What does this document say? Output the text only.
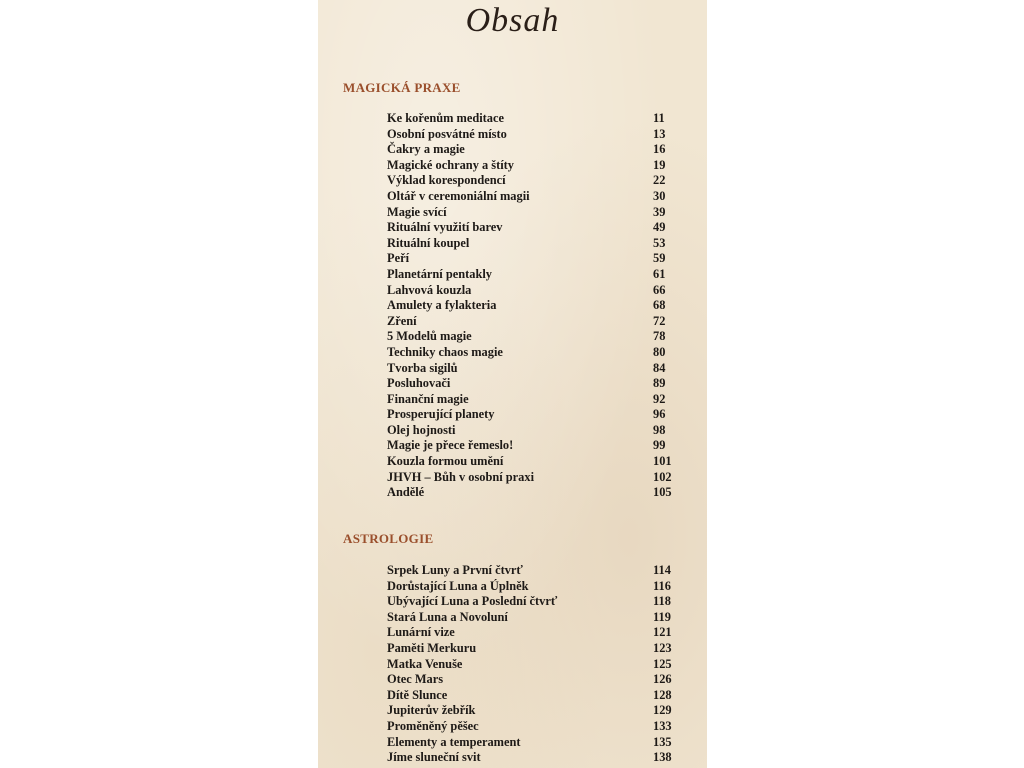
Obsah
MAGICKÁ PRAXE
Ke kořenům meditace	11
Osobní posvátné místo	13
Čakry a magie	16
Magické ochrany a štíty	19
Výklad korespondencí	22
Oltář v ceremoniální magii	30
Magie svící	39
Rituální využití barev	49
Rituální koupel	53
Peří	59
Planetární pentakly	61
Lahvová kouzla	66
Amulety a fylakteria	68
Zření	72
5 Modelů magie	78
Techniky chaos magie	80
Tvorba sigilů	84
Posluhovači	89
Finanční magie	92
Prosperující planety	96
Olej hojnosti	98
Magie je přece řemeslo!	99
Kouzla formou umění	101
JHVH – Bůh v osobní praxi	102
Andělé	105
ASTROLOGIE
Srpek Luny a První čtvrť	114
Dorůstající Luna a Úplněk	116
Ubývající Luna a Poslední čtvrť	118
Stará Luna a Novoluní	119
Lunární vize	121
Paměti Merkuru	123
Matka Venuše	125
Otec Mars	126
Dítě Slunce	128
Jupiterův žebřík	129
Proměněný pěšec	133
Elementy a temperament	135
Jíme sluneční svit	138
